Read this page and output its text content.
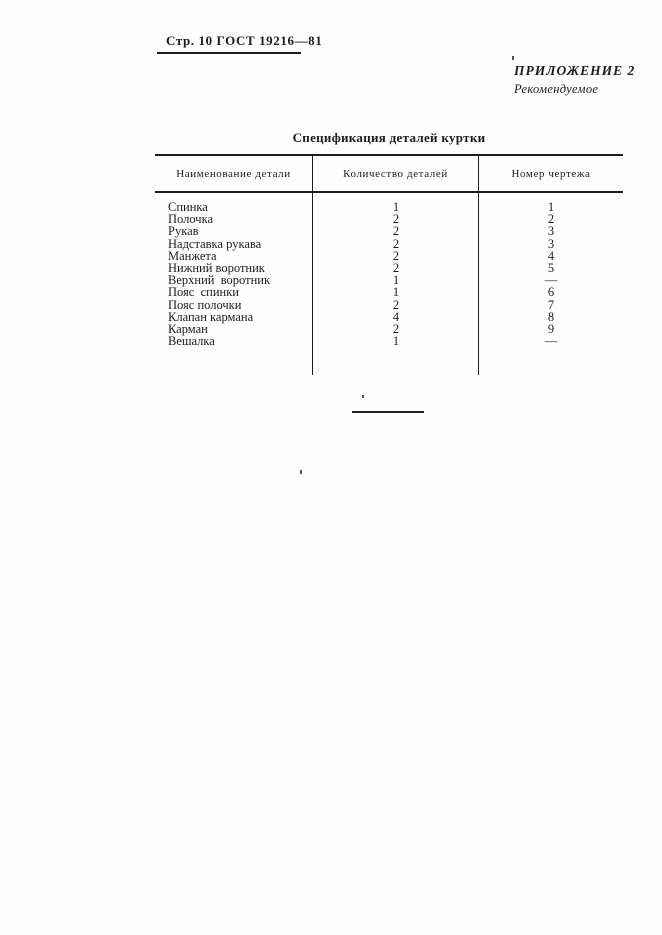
Стр. 10 ГОСТ 19216—81
ПРИЛОЖЕНИЕ 2
Рекомендуемое
Спецификация деталей куртки
Наименование детали	Количество деталей	Номер чертежа
Спинка	1	1
Полочка	2	2
Рукав	2	3
Надставка рукава	2	3
Манжета	2	4
Нижний воротник	2	5
Верхний  воротник	1	—
Пояс  спинки	1	6
Пояс полочки	2	7
Клапан кармана	4	8
Карман	2	9
Вешалка	1	—
